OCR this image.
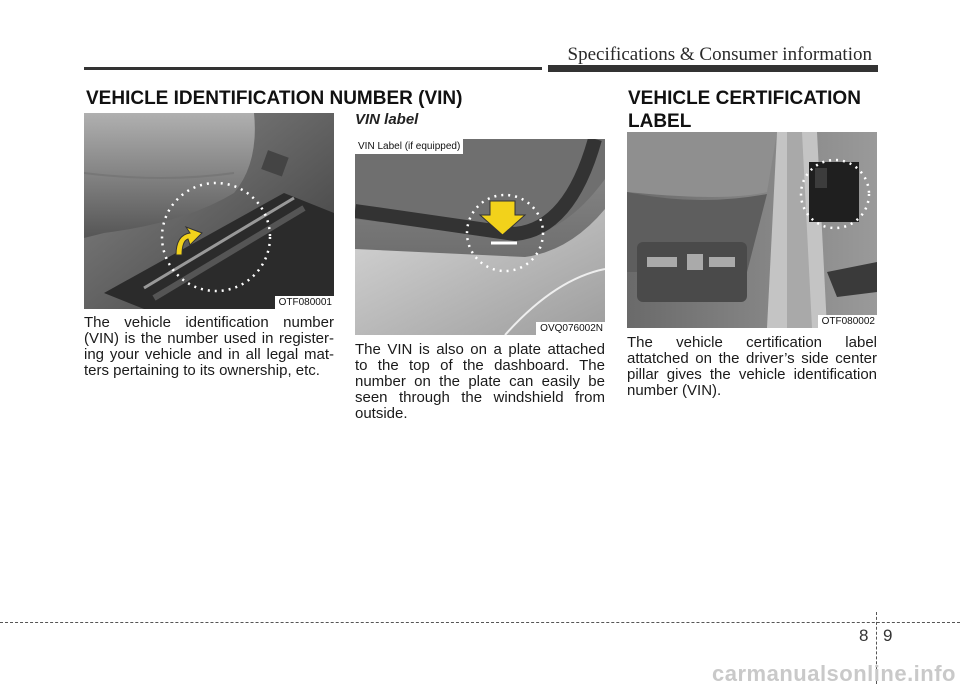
Specifications & Consumer information
VEHICLE IDENTIFICATION NUMBER (VIN)
OTF080001

The vehicle identification number (VIN) is the number used in register-ing your vehicle and in all legal mat-ters pertaining to its ownership, etc.

VIN label
VIN Label (if equipped)
OVQ076002N

The VIN is also on a plate attached to the top of the dashboard. The number on the plate can easily be seen through the windshield from outside.

VEHICLE CERTIFICATION
LABEL
OTF080002

The vehicle certification label attatched on the driver’s side center pillar gives the vehicle identification number (VIN).

8 9
carmanualsonline.info
